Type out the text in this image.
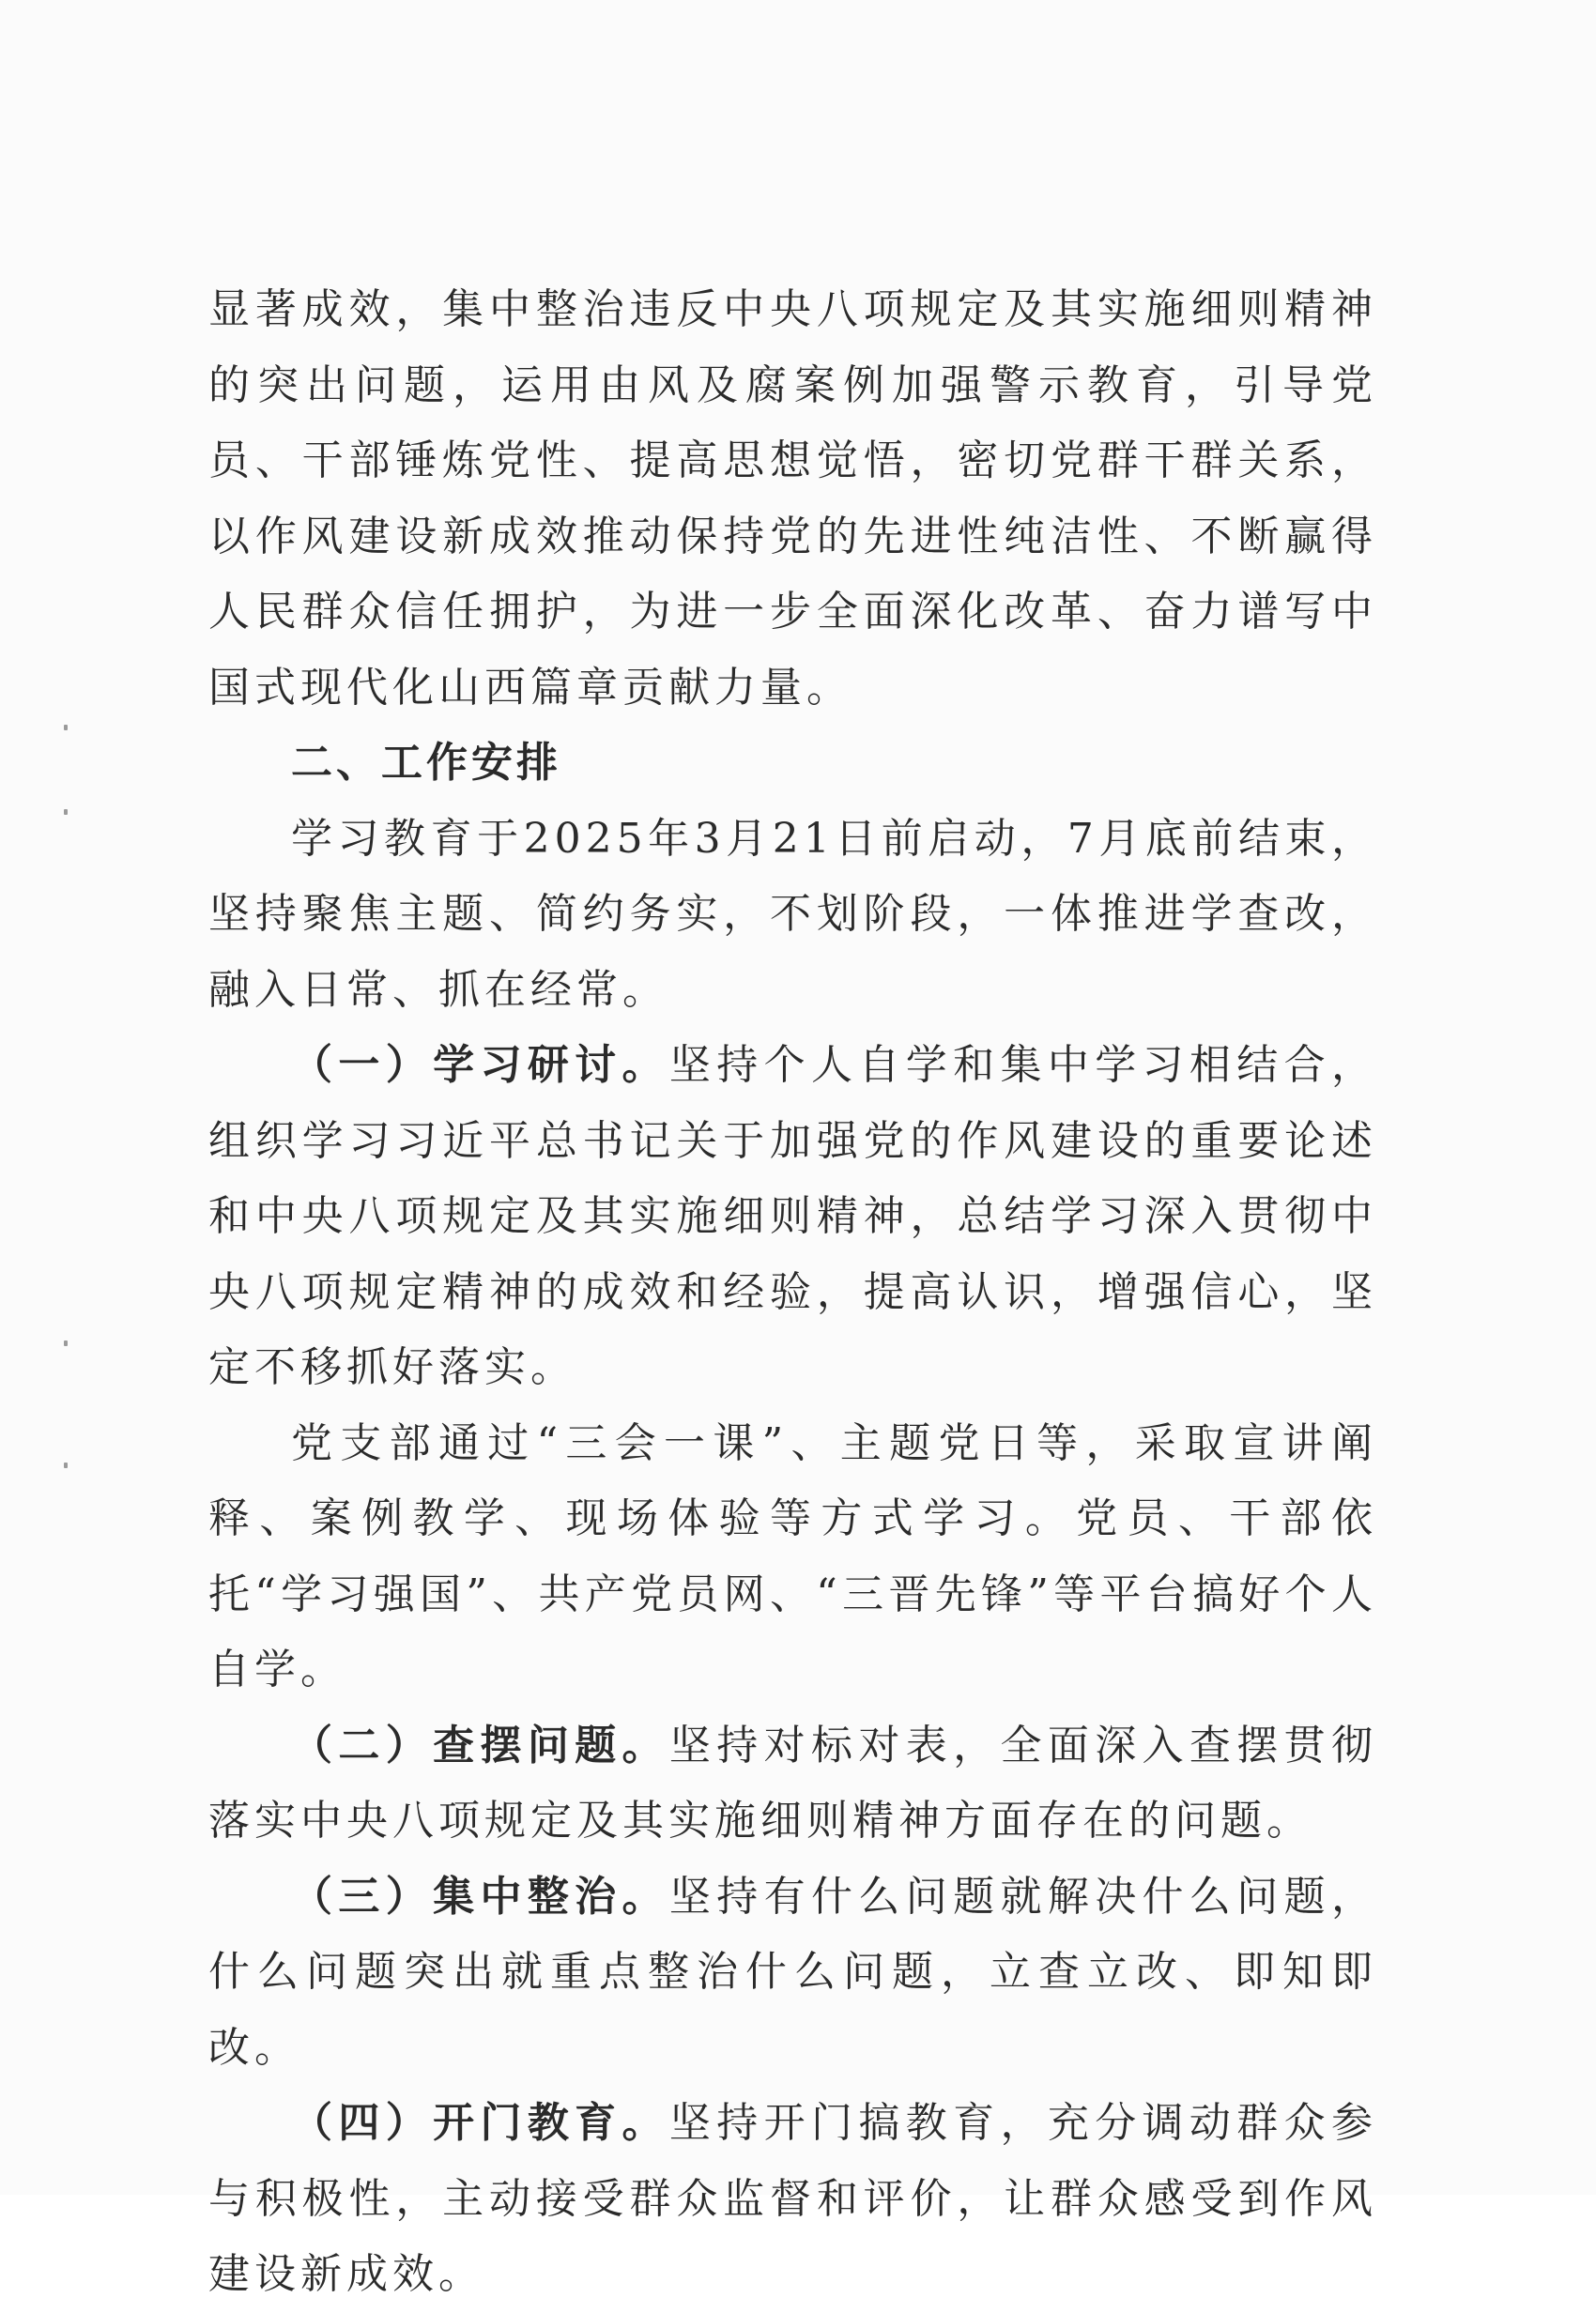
显著成效，集中整治违反中央八项规定及其实施细则精神的突出问题，运用由风及腐案例加强警示教育，引导党员、干部锤炼党性、提高思想觉悟，密切党群干群关系，以作风建设新成效推动保持党的先进性纯洁性、不断赢得人民群众信任拥护，为进一步全面深化改革、奋力谱写中国式现代化山西篇章贡献力量。

二、工作安排

学习教育于2025年3月21日前启动，7月底前结束，坚持聚焦主题、简约务实，不划阶段，一体推进学查改，融入日常、抓在经常。

（一）学习研讨。坚持个人自学和集中学习相结合，组织学习习近平总书记关于加强党的作风建设的重要论述和中央八项规定及其实施细则精神，总结学习深入贯彻中央八项规定精神的成效和经验，提高认识，增强信心，坚定不移抓好落实。

党支部通过“三会一课”、主题党日等，采取宣讲阐释、案例教学、现场体验等方式学习。党员、干部依托“学习强国”、共产党员网、“三晋先锋”等平台搞好个人自学。

（二）查摆问题。坚持对标对表，全面深入查摆贯彻落实中央八项规定及其实施细则精神方面存在的问题。

（三）集中整治。坚持有什么问题就解决什么问题， 什么问题突出就重点整治什么问题，立查立改、即知即改。

（四）开门教育。坚持开门搞教育，充分调动群众参与积极性，主动接受群众监督和评价，让群众感受到作风建设新成效。
